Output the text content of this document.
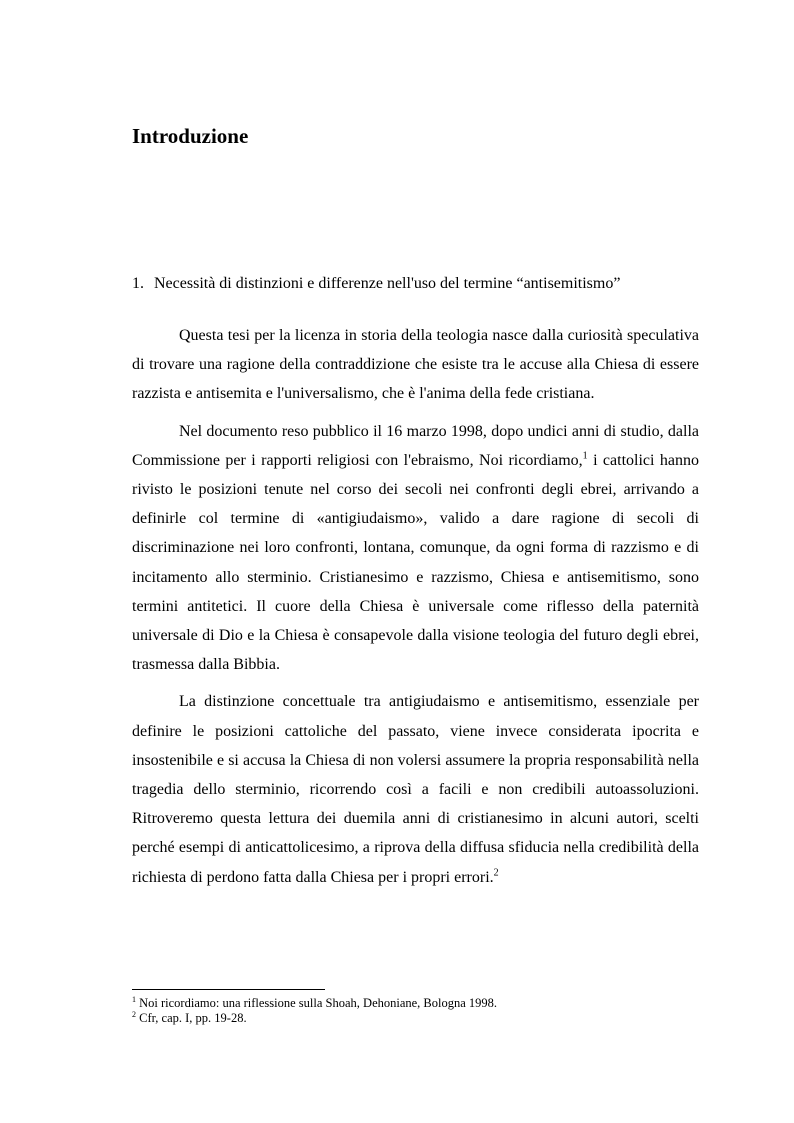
Introduzione
1. Necessità di distinzioni e differenze nell'uso del termine “antisemitismo”

Questa tesi per la licenza in storia della teologia nasce dalla curiosità speculativa di trovare una ragione della contraddizione che esiste tra le accuse alla Chiesa di essere razzista e antisemita e l'universalismo, che è l'anima della fede cristiana.

Nel documento reso pubblico il 16 marzo 1998, dopo undici anni di studio, dalla Commissione per i rapporti religiosi con l'ebraismo, Noi ricordiamo,$^1$ i cattolici hanno rivisto le posizioni tenute nel corso dei secoli nei confronti degli ebrei, arrivando a definirle col termine di «antigiudaismo», valido a dare ragione di secoli di discriminazione nei loro confronti, lontana, comunque, da ogni forma di razzismo e di incitamento allo sterminio. Cristianesimo e razzismo, Chiesa e antisemitismo, sono termini antitetici. Il cuore della Chiesa è universale come riflesso della paternità universale di Dio e la Chiesa è consapevole dalla visione teologia del futuro degli ebrei, trasmessa dalla Bibbia.

La distinzione concettuale tra antigiudaismo e antisemitismo, essenziale per definire le posizioni cattoliche del passato, viene invece considerata ipocrita e insostenibile e si accusa la Chiesa di non volersi assumere la propria responsabilità nella tragedia dello sterminio, ricorrendo così a facili e non credibili autoassoluzioni. Ritroveremo questa lettura dei duemila anni di cristianesimo in alcuni autori, scelti perché esempi di anticattolicesimo, a riprova della diffusa sfiducia nella credibilità della richiesta di perdono fatta dalla Chiesa per i propri errori.$^2$

$^1$ Noi ricordiamo: una riflessione sulla Shoah, Dehoniane, Bologna 1998.

$^2$ Cfr, cap. I, pp. 19-28.
